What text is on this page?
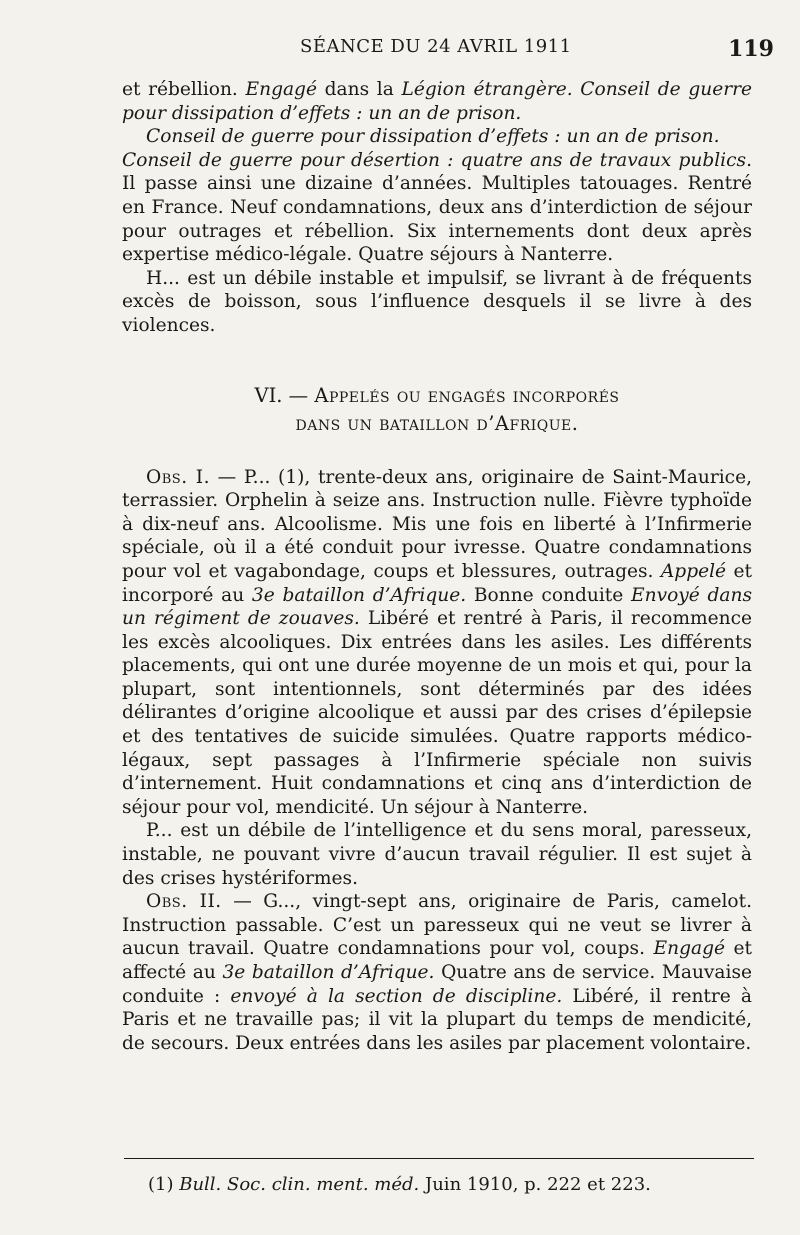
SÉANCE DU 24 AVRIL 1911	119

et rébellion. Engagé dans la Légion étrangère. Conseil de guerre pour dissipation d’effets : un an de prison.

Conseil de guerre pour dissipation d’effets : un an de prison.

Conseil de guerre pour désertion : quatre ans de travaux publics. Il passe ainsi une dizaine d’années. Multiples tatouages. Rentré en France. Neuf condamnations, deux ans d’interdiction de séjour pour outrages et rébellion. Six internements dont deux après expertise médico-légale. Quatre séjours à Nanterre.

H... est un débile instable et impulsif, se livrant à de fréquents excès de boisson, sous l’influence desquels il se livre à des violences.

VI. — Appelés ou engagés incorporés
dans un bataillon d’Afrique.

Obs. I. — P... (1), trente-deux ans, originaire de Saint-Maurice, terrassier. Orphelin à seize ans. Instruction nulle. Fièvre typhoïde à dix-neuf ans. Alcoolisme. Mis une fois en liberté à l’Infirmerie spéciale, où il a été conduit pour ivresse. Quatre condamnations pour vol et vagabondage, coups et blessures, outrages. Appelé et incorporé au 3e bataillon d’Afrique. Bonne conduite Envoyé dans un régiment de zouaves. Libéré et rentré à Paris, il recommence les excès alcooliques. Dix entrées dans les asiles. Les différents placements, qui ont une durée moyenne de un mois et qui, pour la plupart, sont intentionnels, sont déterminés par des idées délirantes d’origine alcoolique et aussi par des crises d’épilepsie et des tentatives de suicide simulées. Quatre rapports médico-légaux, sept passages à l’Infirmerie spéciale non suivis d’internement. Huit condamnations et cinq ans d’interdiction de séjour pour vol, mendicité. Un séjour à Nanterre.

P... est un débile de l’intelligence et du sens moral, paresseux, instable, ne pouvant vivre d’aucun travail régulier. Il est sujet à des crises hystériformes.

Obs. II. — G..., vingt-sept ans, originaire de Paris, camelot. Instruction passable. C’est un paresseux qui ne veut se livrer à aucun travail. Quatre condamnations pour vol, coups. Engagé et affecté au 3e bataillon d’Afrique. Quatre ans de service. Mauvaise conduite : envoyé à la section de discipline. Libéré, il rentre à Paris et ne travaille pas; il vit la plupart du temps de mendicité, de secours. Deux entrées dans les asiles par placement volontaire.

(1) Bull. Soc. clin. ment. méd. Juin 1910, p. 222 et 223.
